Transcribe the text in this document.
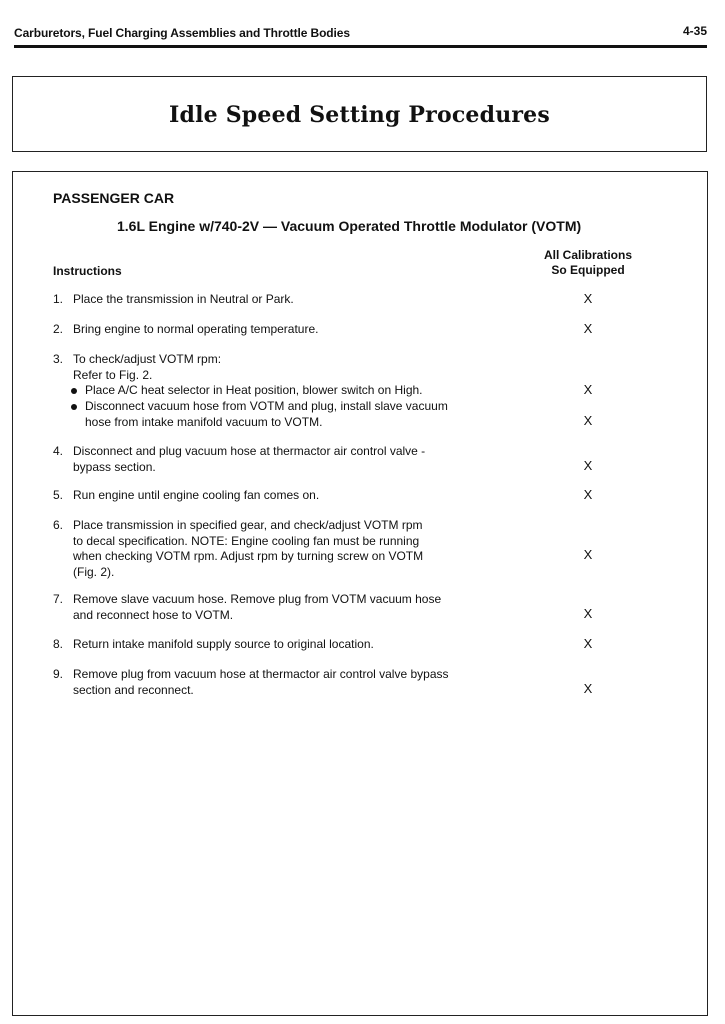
Carburetors, Fuel Charging Assemblies and Throttle Bodies	4-35
Idle Speed Setting Procedures
PASSENGER CAR
1.6L Engine w/740-2V — Vacuum Operated Throttle Modulator (VOTM)
Instructions
All Calibrations
So Equipped
1. Place the transmission in Neutral or Park.	X
2. Bring engine to normal operating temperature.	X
3. To check/adjust VOTM rpm:
Refer to Fig. 2.
Place A/C heat selector in Heat position, blower switch on High.	X
Disconnect vacuum hose from VOTM and plug, install slave vacuum
hose from intake manifold vacuum to VOTM.	X
4. Disconnect and plug vacuum hose at thermactor air control valve -
bypass section.	X
5. Run engine until engine cooling fan comes on.	X
6. Place transmission in specified gear, and check/adjust VOTM rpm
to decal specification. NOTE: Engine cooling fan must be running
when checking VOTM rpm. Adjust rpm by turning screw on VOTM
(Fig. 2).
X
7. Remove slave vacuum hose. Remove plug from VOTM vacuum hose
and reconnect hose to VOTM.	X
8. Return intake manifold supply source to original location.	X
9. Remove plug from vacuum hose at thermactor air control valve bypass
section and reconnect.	X
